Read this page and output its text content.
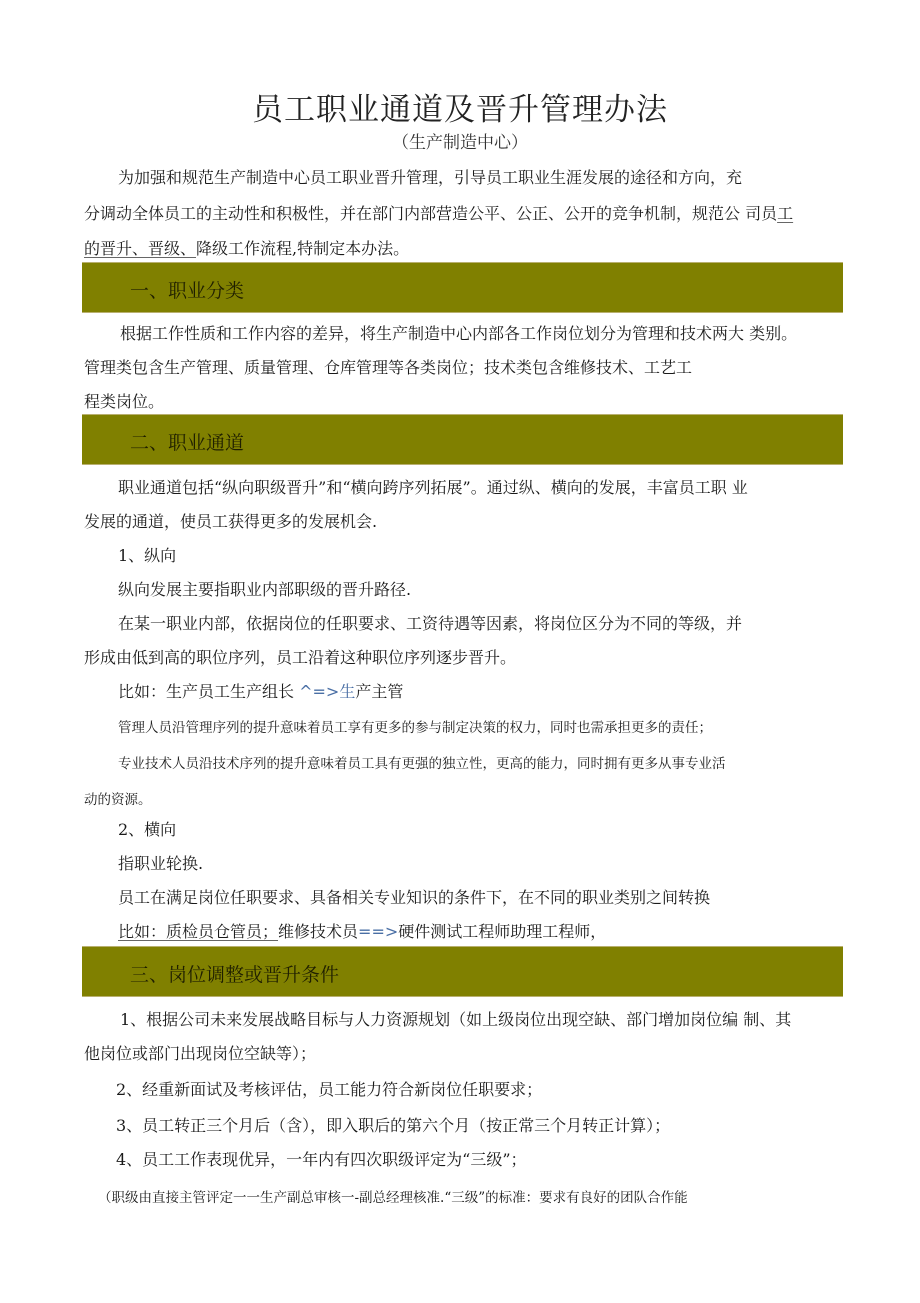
员工职业通道及晋升管理办法
（生产制造中心）
为加强和规范生产制造中心员工职业晋升管理，引导员工职业生涯发展的途径和方向，充
分调动全体员工的主动性和积极性，并在部门内部营造公平、公正、公开的竞争机制，规范公 司员工
的晋升、晋级、降级工作流程,特制定本办法。
一、职业分类
根据工作性质和工作内容的差异，将生产制造中心内部各工作岗位划分为管理和技术两大 类别。
管理类包含生产管理、质量管理、仓库管理等各类岗位；技术类包含维修技术、工艺工
程类岗位。
二、职业通道
职业通道包括“纵向职级晋升”和“横向跨序列拓展”。通过纵、横向的发展，丰富员工职 业
发展的通道，使员工获得更多的发展机会.
1、纵向
纵向发展主要指职业内部职级的晋升路径.
在某一职业内部，依据岗位的任职要求、工资待遇等因素，将岗位区分为不同的等级，并
形成由低到高的职位序列，员工沿着这种职位序列逐步晋升。
比如：生产员工生产组长 ^=>生产主管
管理人员沿管理序列的提升意味着员工享有更多的参与制定决策的权力，同时也需承担更多的责任；
专业技术人员沿技术序列的提升意味着员工具有更强的独立性，更高的能力，同时拥有更多从事专业活
动的资源。
2、横向
指职业轮换.
员工在满足岗位任职要求、具备相关专业知识的条件下，在不同的职业类别之间转换
比如：质检员仓管员；维修技术员==>硬件测试工程师助理工程师，
三、岗位调整或晋升条件
1、根据公司未来发展战略目标与人力资源规划（如上级岗位出现空缺、部门增加岗位编 制、其
他岗位或部门出现岗位空缺等）；
2、经重新面试及考核评估，员工能力符合新岗位任职要求；
3、员工转正三个月后（含），即入职后的第六个月（按正常三个月转正计算）；
4、员工工作表现优异，一年内有四次职级评定为“三级”；
（职级由直接主管评定一一生产副总审核一-副总经理核准.“三级”的标准：要求有良好的团队合作能
